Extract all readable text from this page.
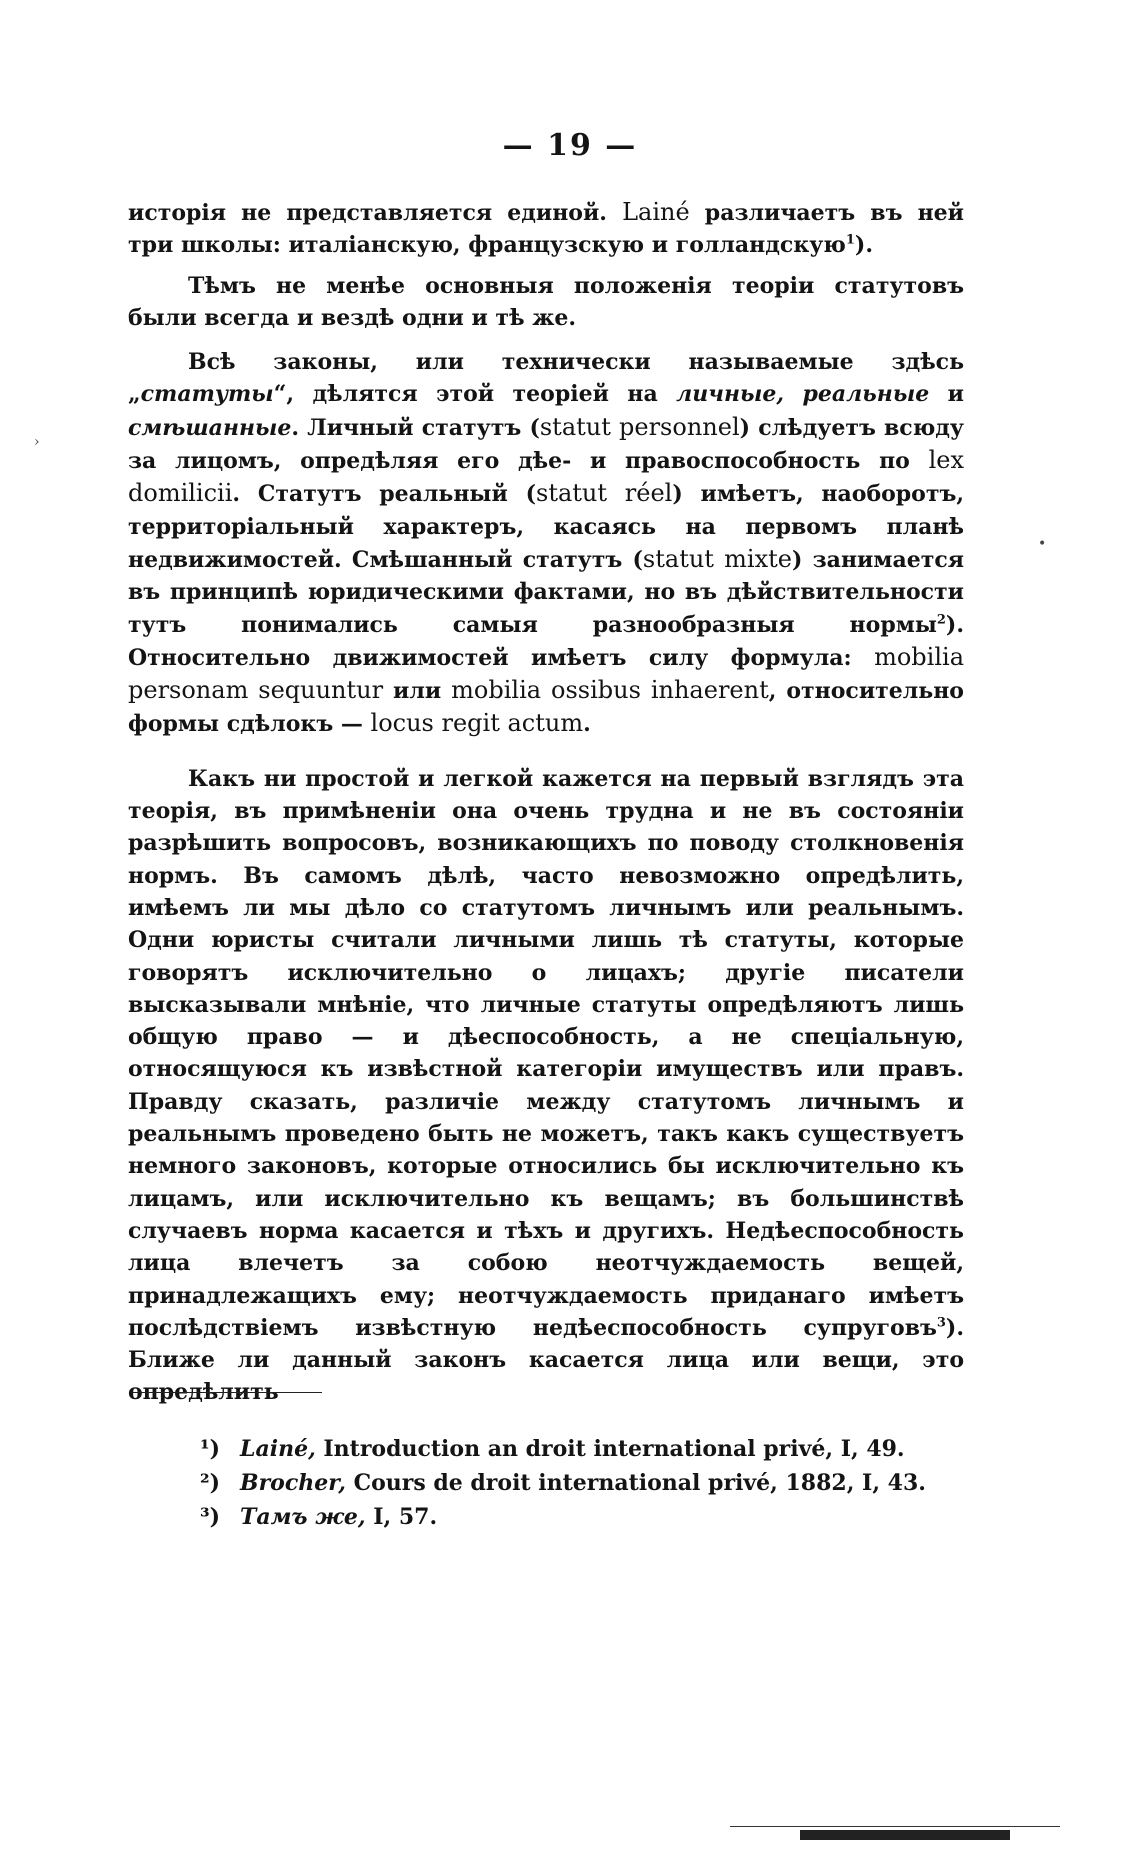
— 19 —
›
•

исторія не представляется единой. Lainé различаетъ въ ней три школы: италіанскую, французскую и голландскую$^1$).

Тѣмъ не менѣе основныя положенія теоріи статутовъ были всегда и вездѣ одни и тѣ же.

Всѣ законы, или технически называемые здѣсь „статуты“, дѣлятся этой теоріей на личные, реальные и смѣшанные. Личный статутъ (statut personnel) слѣдуетъ всюду за лицомъ, опредѣляя его дѣе- и правоспособность по lex domilicii. Статутъ реальный (statut réel) имѣетъ, наоборотъ, территоріальный характеръ, касаясь на первомъ планѣ недвижимостей. Смѣшанный статутъ (statut mixte) занимается въ принципѣ юридическими фактами, но въ дѣйствительности тутъ понимались самыя разнообразныя нормы$^2$). Относительно движимостей имѣетъ силу формула: mobilia personam sequuntur или mobilia ossibus inhaerent, относительно формы сдѣлокъ — locus regit actum.

Какъ ни простой и легкой кажется на первый взглядъ эта теорія, въ примѣненіи она очень трудна и не въ состояніи разрѣшить вопросовъ, возникающихъ по поводу столкновенія нормъ. Въ самомъ дѣлѣ, часто невозможно опредѣлить, имѣемъ ли мы дѣло со статутомъ личнымъ или реальнымъ. Одни юристы считали личными лишь тѣ статуты, которые говорятъ исключительно о лицахъ; другіе писатели высказывали мнѣніе, что личные статуты опредѣляютъ лишь общую право — и дѣеспособность, а не спеціальную, относящуюся къ извѣстной категоріи имуществъ или правъ. Правду сказать, различіе между статутомъ личнымъ и реальнымъ проведено быть не можетъ, такъ какъ существуетъ немного законовъ, которые относились бы исключительно къ лицамъ, или исключительно къ вещамъ; въ большинствѣ случаевъ норма касается и тѣхъ и другихъ. Недѣеспособность лица влечетъ за собою неотчуждаемость вещей, принадлежащихъ ему; неотчуждаемость приданаго имѣетъ послѣдствіемъ извѣстную недѣеспособность супруговъ$^3$). Ближе ли данный законъ касается лица или вещи, это опредѣлить

¹) Lainé, Introduction an droit international privé, I, 49.
²) Brocher, Cours de droit international privé, 1882, I, 43.
³) Тамъ же, I, 57.
